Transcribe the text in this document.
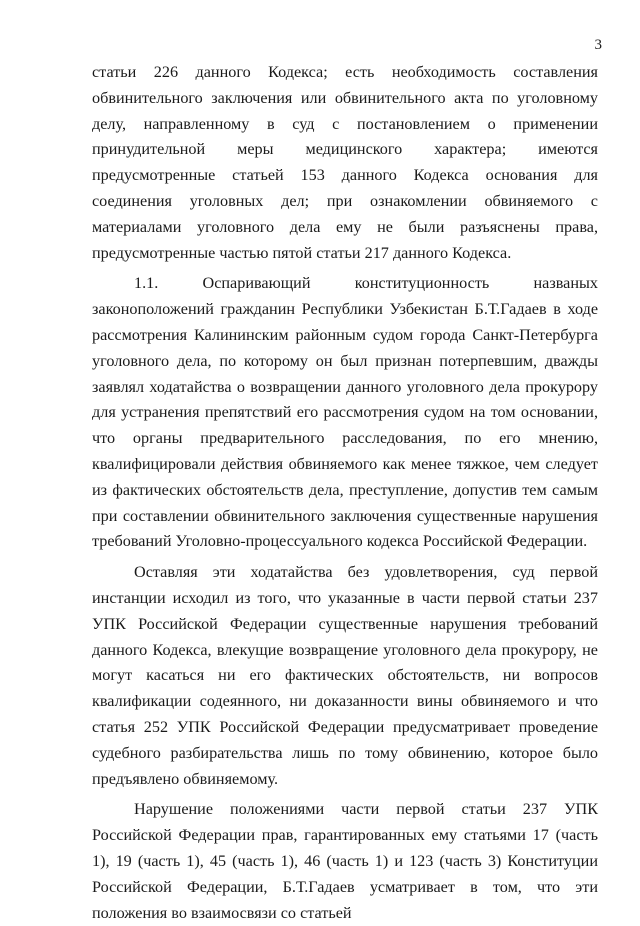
3

статьи 226 данного Кодекса; есть необходимость составления обвинительного заключения или обвинительного акта по уголовному делу, направленному в суд с постановлением о применении принудительной меры медицинского характера; имеются предусмотренные статьей 153 данного Кодекса основания для соединения уголовных дел; при ознакомлении обвиняемого с материалами уголовного дела ему не были разъяснены права, предусмотренные частью пятой статьи 217 данного Кодекса.

1.1. Оспаривающий конституционность названых законоположений гражданин Республики Узбекистан Б.Т.Гадаев в ходе рассмотрения Калининским районным судом города Санкт-Петербурга уголовного дела, по которому он был признан потерпевшим, дважды заявлял ходатайства о возвращении данного уголовного дела прокурору для устранения препятствий его рассмотрения судом на том основании, что органы предварительного расследования, по его мнению, квалифицировали действия обвиняемого как менее тяжкое, чем следует из фактических обстоятельств дела, преступление, допустив тем самым при составлении обвинительного заключения существенные нарушения требований Уголовно-процессуального кодекса Российской Федерации.

Оставляя эти ходатайства без удовлетворения, суд первой инстанции исходил из того, что указанные в части первой статьи 237 УПК Российской Федерации существенные нарушения требований данного Кодекса, влекущие возвращение уголовного дела прокурору, не могут касаться ни его фактических обстоятельств, ни вопросов квалификации содеянного, ни доказанности вины обвиняемого и что статья 252 УПК Российской Федерации предусматривает проведение судебного разбирательства лишь по тому обвинению, которое было предъявлено обвиняемому.

Нарушение положениями части первой статьи 237 УПК Российской Федерации прав, гарантированных ему статьями 17 (часть 1), 19 (часть 1), 45 (часть 1), 46 (часть 1) и 123 (часть 3) Конституции Российской Федерации, Б.Т.Гадаев усматривает в том, что эти положения во взаимосвязи со статьей
